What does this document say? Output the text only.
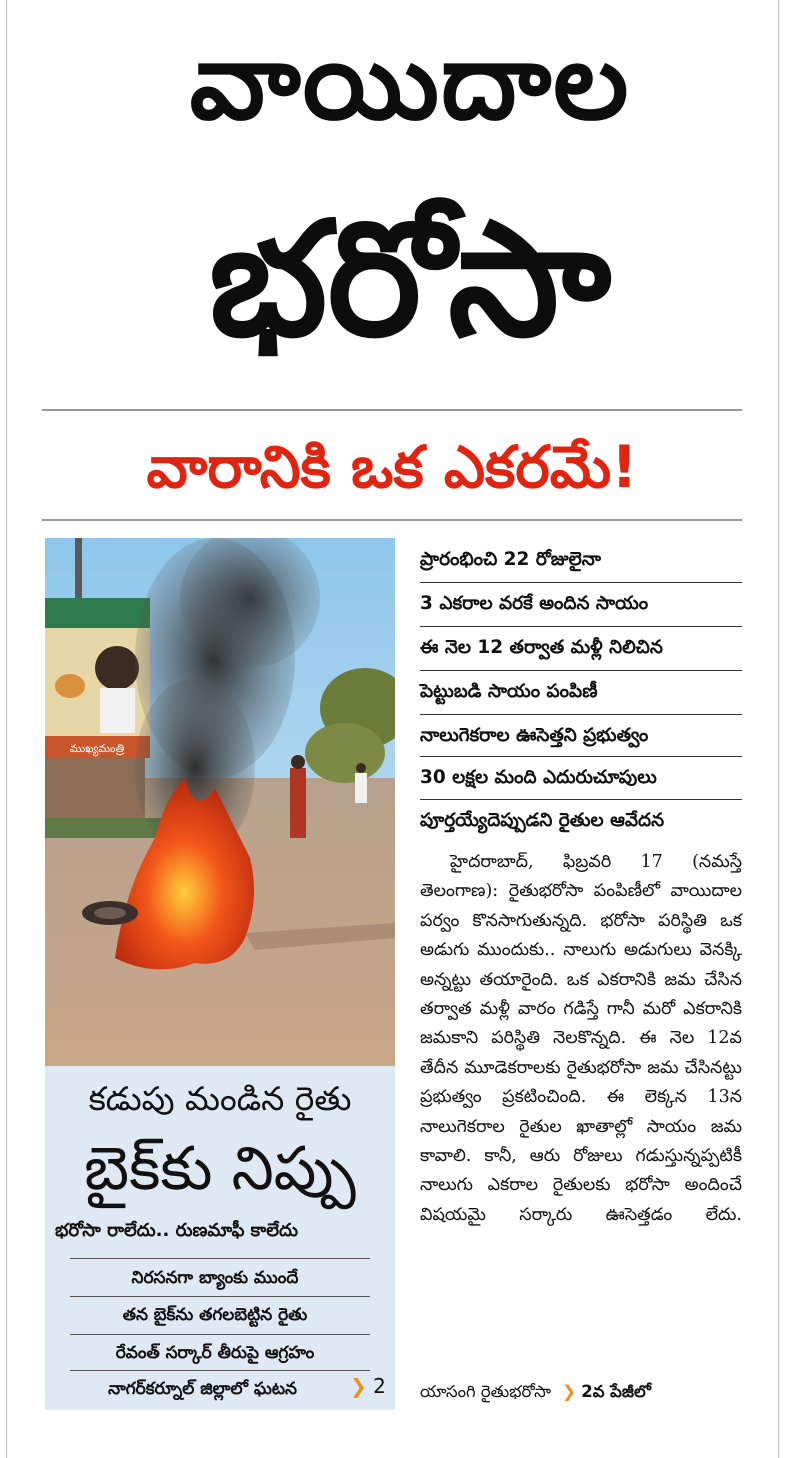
వాయిదాల
భరోసా
వారానికి ఒక ఎకరమే!
ముఖ్యమంత్రి
కడుపు మండిన రైతు
బైక్‌కు నిప్పు
భరోసా రాలేదు.. రుణమాఫీ కాలేదు
నిరసనగా బ్యాంకు ముందే
తన బైక్‌ను తగలబెట్టిన రైతు
రేవంత్ సర్కార్ తీరుపై ఆగ్రహం
నాగర్‌కర్నూల్ జిల్లాలో ఘటన	❯ 2
ప్రారంభించి 22 రోజులైనా
3 ఎకరాల వరకే అందిన సాయం
ఈ నెల 12 తర్వాత మళ్లీ నిలిచిన
పెట్టుబడి సాయం పంపిణీ
నాలుగెకరాల ఊసెత్తని ప్రభుత్వం
30 లక్షల మంది ఎదురుచూపులు
పూర్తయ్యేదెప్పుడని రైతుల ఆవేదన

హైదరాబాద్, ఫిబ్రవరి 17 (నమస్తే తెలంగాణ): రైతుభరోసా పంపిణీలో వాయిదాల పర్వం కొనసాగుతున్నది. భరోసా పరిస్థితి ఒక అడుగు ముందుకు.. నాలుగు అడుగులు వెనక్కి అన్నట్టు తయారైంది. ఒక ఎకరానికి జమ చేసిన తర్వాత మళ్లీ వారం గడిస్తే గానీ మరో ఎకరానికి జమకాని పరిస్థితి నెలకొన్నది. ఈ నెల 12వ తేదీన మూడెకరాలకు రైతుభరోసా జమ చేసినట్టు ప్రభుత్వం ప్రకటించింది. ఈ లెక్కన 13న నాలుగెకరాల రైతుల ఖాతాల్లో సాయం జమ కావాలి. కానీ, ఆరు రోజులు గడుస్తున్నప్పటికీ నాలుగు ఎకరాల రైతులకు భరోసా అందించే విషయమై సర్కారు ఊసెత్తడం లేదు.

యాసంగి రైతుభరోసా  ❯ 2వ పేజీలో
